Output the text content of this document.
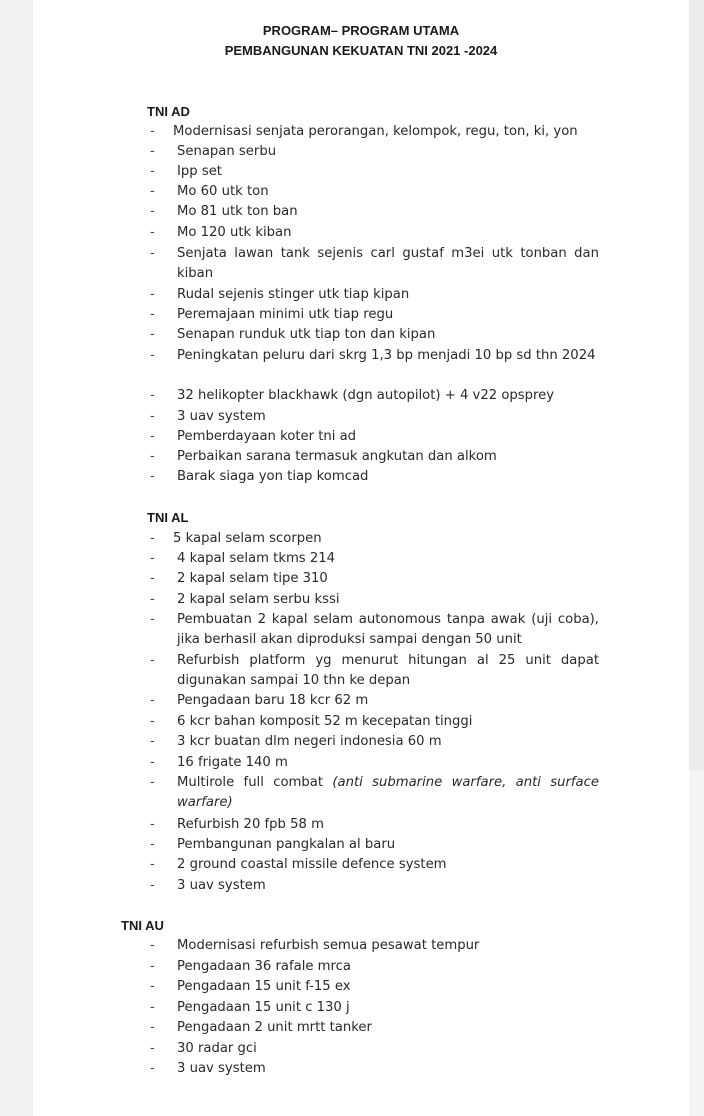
PROGRAM– PROGRAM UTAMA
PEMBANGUNAN KEKUATAN TNI 2021 -2024
TNI AD
- Modernisasi senjata perorangan, kelompok, regu, ton, ki, yon
- Senapan serbu
- Ipp set
- Mo 60 utk ton
- Mo 81 utk ton ban
- Mo 120 utk kiban
- Senjata lawan tank sejenis carl gustaf m3ei utk tonban dan kiban
- Rudal sejenis stinger utk tiap kipan
- Peremajaan minimi utk tiap regu
- Senapan runduk utk tiap ton dan kipan
- Peningkatan peluru dari skrg 1,3 bp menjadi 10 bp sd thn 2024
- 32 helikopter blackhawk (dgn autopilot) + 4 v22 opsprey
- 3 uav system
- Pemberdayaan koter tni ad
- Perbaikan sarana termasuk angkutan dan alkom
- Barak siaga yon tiap komcad
TNI AL
- 5 kapal selam scorpen
- 4 kapal selam tkms 214
- 2 kapal selam tipe 310
- 2 kapal selam serbu kssi
- Pembuatan 2 kapal selam autonomous tanpa awak (uji coba), jika berhasil akan diproduksi sampai dengan 50 unit
- Refurbish platform yg menurut hitungan al 25 unit dapat digunakan sampai 10 thn ke depan
- Pengadaan baru 18 kcr 62 m
- 6 kcr bahan komposit 52 m kecepatan tinggi
- 3 kcr buatan dlm negeri indonesia 60 m
- 16 frigate 140 m
- Multirole full combat (anti submarine warfare, anti surface warfare)
- Refurbish 20 fpb 58 m
- Pembangunan pangkalan al baru
- 2 ground coastal missile defence system
- 3 uav system
TNI AU
- Modernisasi refurbish semua pesawat tempur
- Pengadaan 36 rafale mrca
- Pengadaan 15 unit f-15 ex
- Pengadaan 15 unit c 130 j
- Pengadaan 2 unit mrtt tanker
- 30 radar gci
- 3 uav system
